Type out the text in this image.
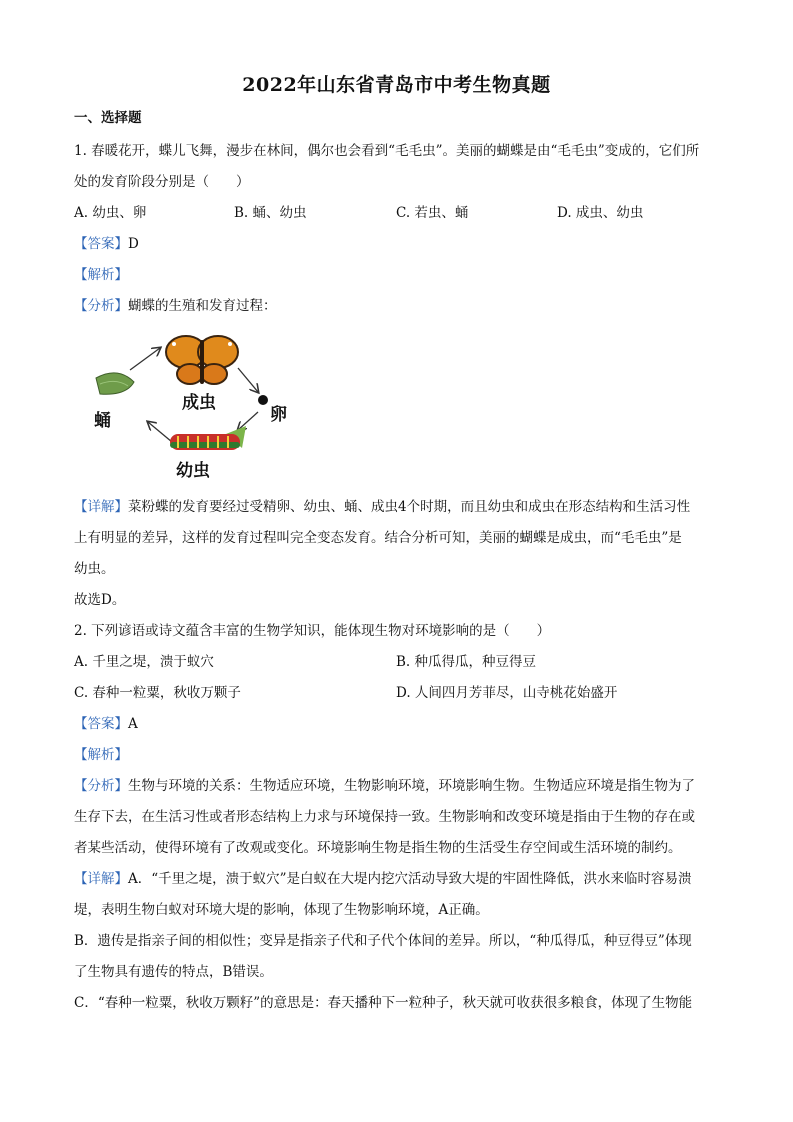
2022年山东省青岛市中考生物真题
一、选择题
1. 春暖花开，蝶儿飞舞，漫步在林间，偶尔也会看到“毛毛虫”。美丽的蝴蝶是由“毛毛虫”变成的，它们所
处的发育阶段分别是（　　）
A. 幼虫、卵	B. 蛹、幼虫	C. 若虫、蛹	D. 成虫、幼虫
【答案】D
【解析】
【分析】蝴蝶的生殖和发育过程：
成虫
卵
幼虫
蛹
【详解】菜粉蝶的发育要经过受精卵、幼虫、蛹、成虫4个时期，而且幼虫和成虫在形态结构和生活习性
上有明显的差异，这样的发育过程叫完全变态发育。结合分析可知，美丽的蝴蝶是成虫，而“毛毛虫”是
幼虫。
故选D。
2. 下列谚语或诗文蕴含丰富的生物学知识，能体现生物对环境影响的是（　　）
A. 千里之堤，溃于蚁穴	B. 种瓜得瓜，种豆得豆
C. 春种一粒粟，秋收万颗子	D. 人间四月芳菲尽，山寺桃花始盛开
【答案】A
【解析】
【分析】生物与环境的关系：生物适应环境，生物影响环境，环境影响生物。生物适应环境是指生物为了
生存下去，在生活习性或者形态结构上力求与环境保持一致。生物影响和改变环境是指由于生物的存在或
者某些活动，使得环境有了改观或变化。环境影响生物是指生物的生活受生存空间或生活环境的制约。
【详解】A．“千里之堤，溃于蚁穴”是白蚁在大堤内挖穴活动导致大堤的牢固性降低，洪水来临时容易溃
堤，表明生物白蚁对环境大堤的影响，体现了生物影响环境，A正确。
B．遗传是指亲子间的相似性；变异是指亲子代和子代个体间的差异。所以，“种瓜得瓜，种豆得豆”体现
了生物具有遗传的特点，B错误。
C．“春种一粒粟，秋收万颗籽”的意思是：春天播种下一粒种子，秋天就可收获很多粮食，体现了生物能
